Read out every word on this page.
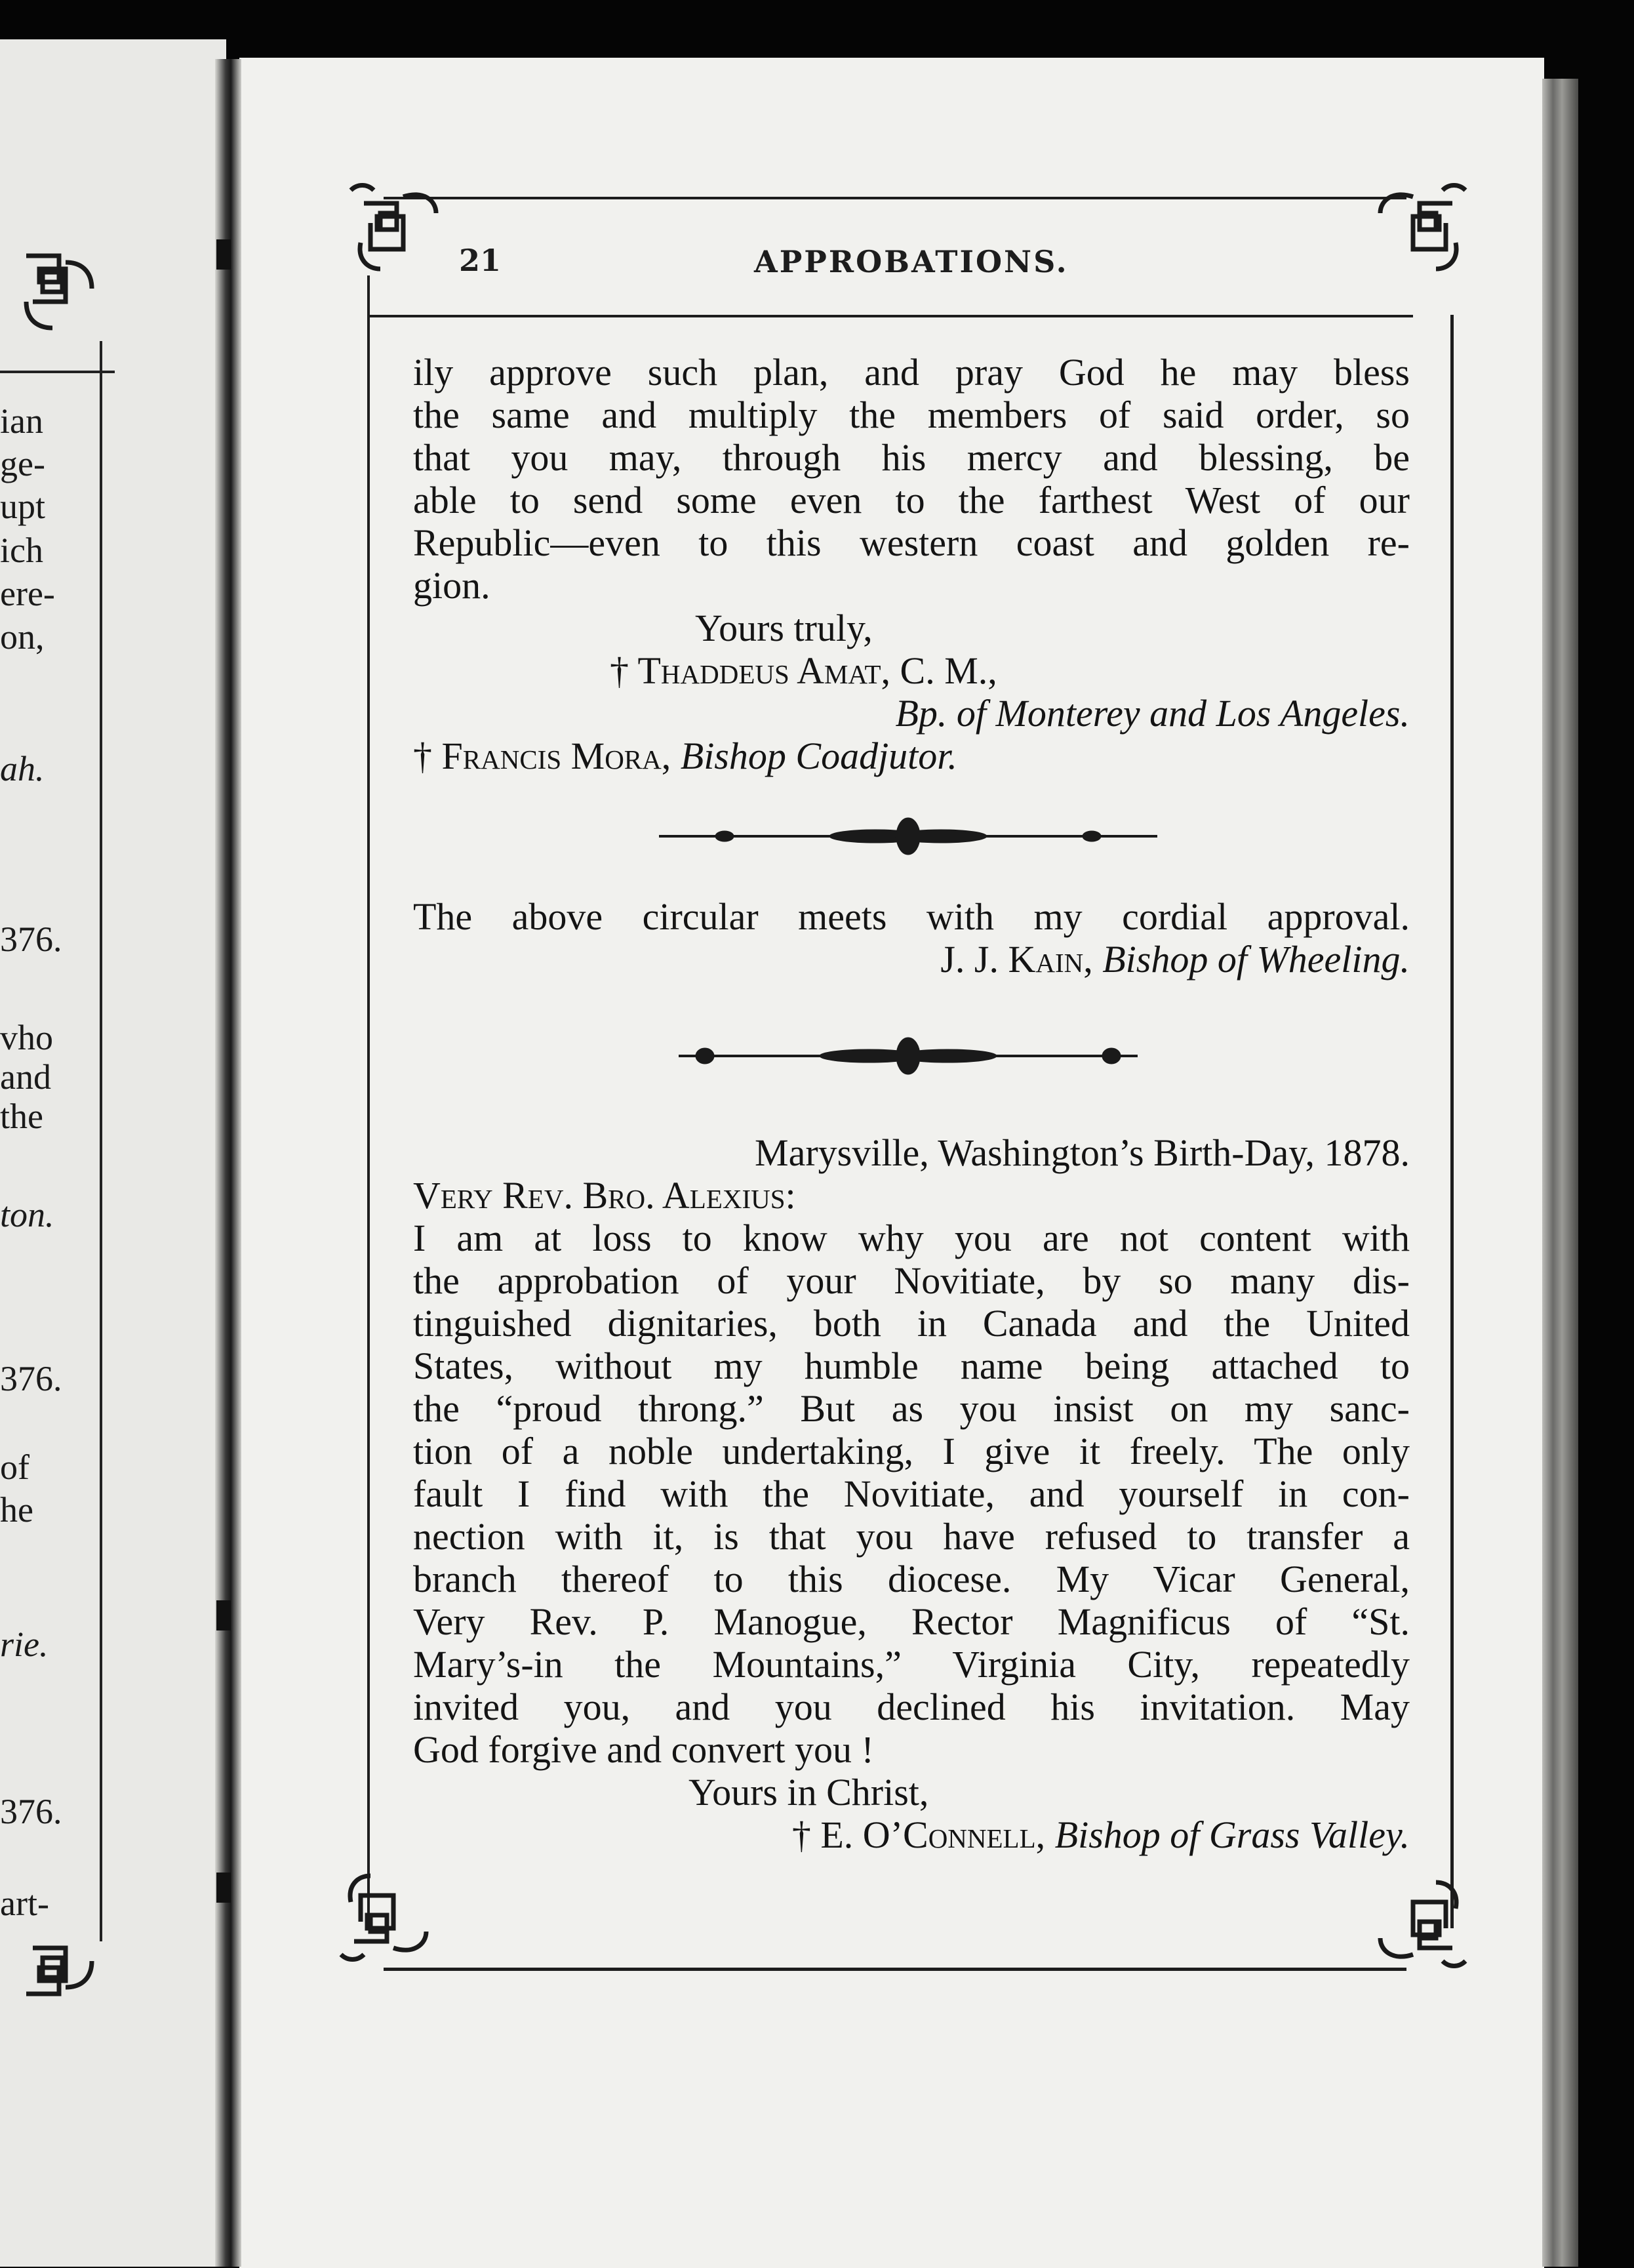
ian
ge-
upt
ich
ere-
on,
ah.
376.
vho
and
the
ton.
376.
of
he
rie.
376.
art-
21	APPROBATIONS.
ily approve such plan, and pray God he may bless
the same and multiply the members of said order, so
that you may, through his mercy and blessing, be
able to send some even to the farthest West of our
Republic—even to this western coast and golden re-
gion.
Yours truly,
† Thaddeus Amat, C. M.,
Bp. of Monterey and Los Angeles.
† Francis Mora, Bishop Coadjutor.
The above circular meets with my cordial approval.
J. J. Kain, Bishop of Wheeling.
Marysville, Washington’s Birth-Day, 1878.
Very Rev. Bro. Alexius:
I am at loss to know why you are not content with
the approbation of your Novitiate, by so many dis-
tinguished dignitaries, both in Canada and the United
States, without my humble name being attached to
the “proud throng.” But as you insist on my sanc-
tion of a noble undertaking, I give it freely. The only
fault I find with the Novitiate, and yourself in con-
nection with it, is that you have refused to transfer a
branch thereof to this diocese. My Vicar General,
Very Rev. P. Manogue, Rector Magnificus of “St.
Mary’s-in the Mountains,” Virginia City, repeatedly
invited you, and you declined his invitation. May
God forgive and convert you !
Yours in Christ,
† E. O’Connell, Bishop of Grass Valley.
